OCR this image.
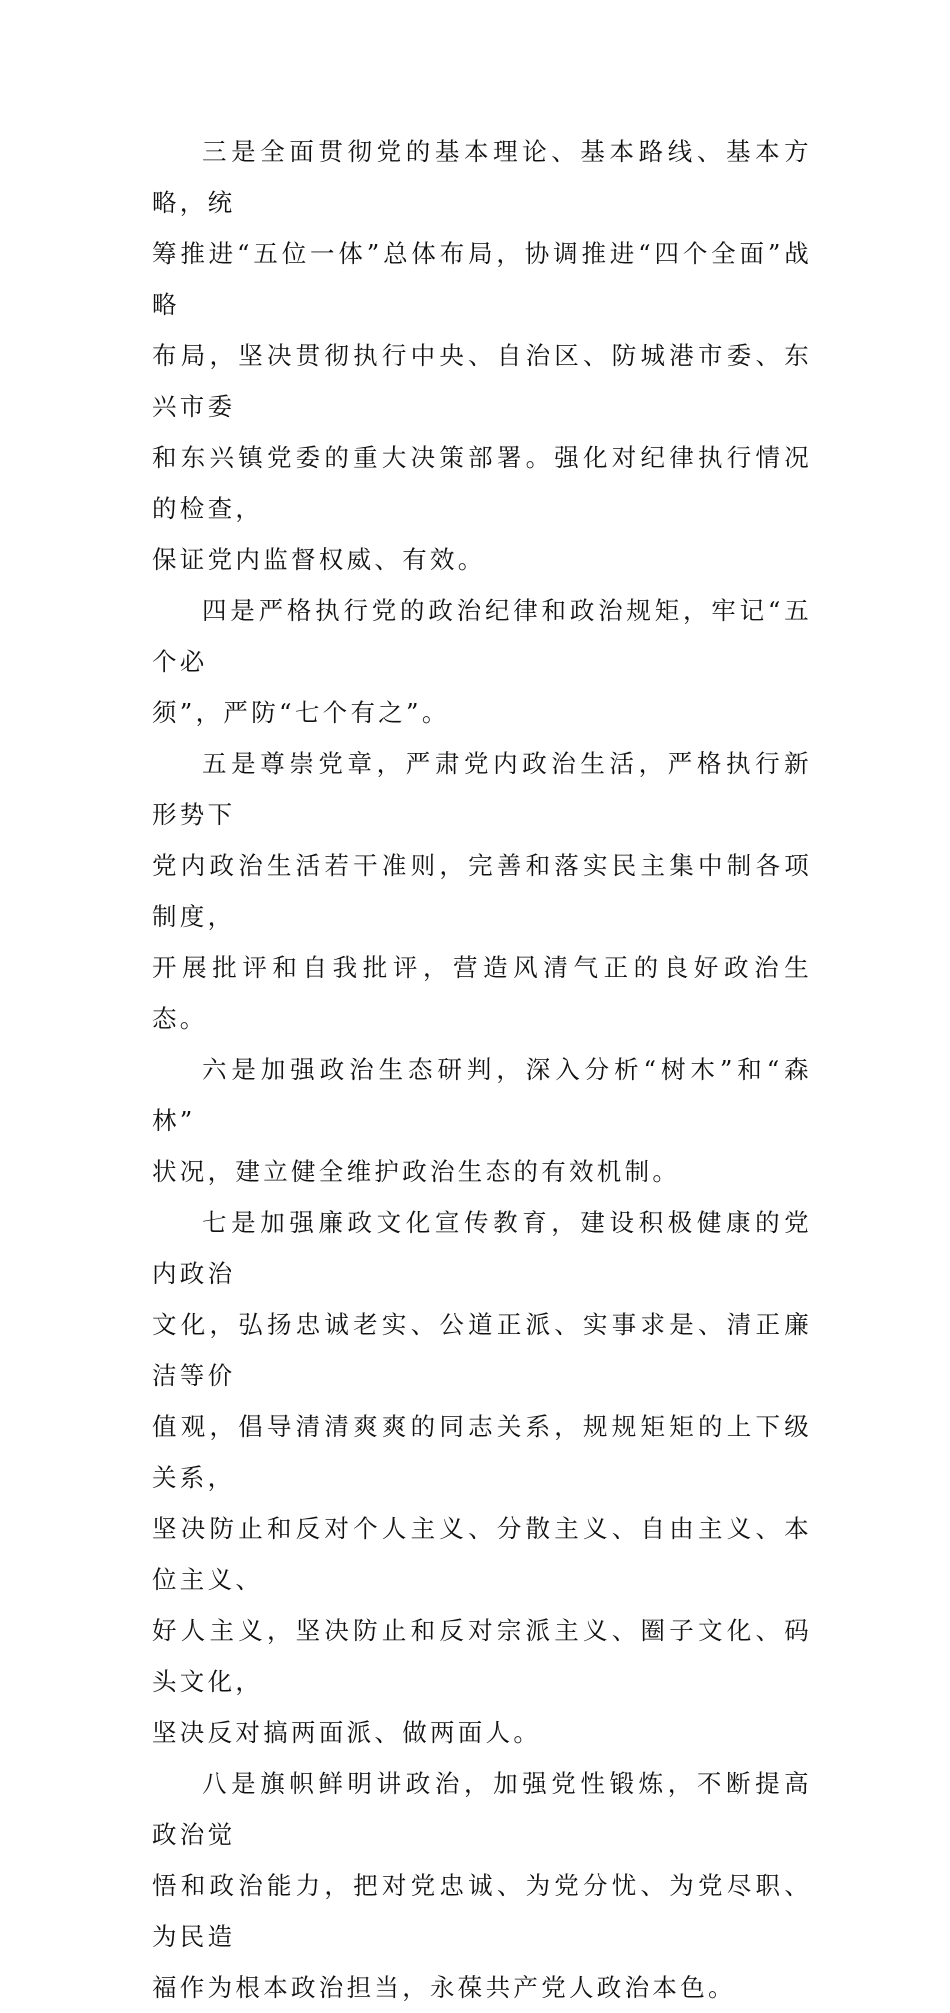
三是全面贯彻党的基本理论、基本路线、基本方略，统
筹推进“五位一体”总体布局，协调推进“四个全面”战略
布局，坚决贯彻执行中央、自治区、防城港市委、东兴市委
和东兴镇党委的重大决策部署。强化对纪律执行情况的检查，
保证党内监督权威、有效。

四是严格执行党的政治纪律和政治规矩，牢记“五个必
须”，严防“七个有之”。

五是尊崇党章，严肃党内政治生活，严格执行新形势下
党内政治生活若干准则，完善和落实民主集中制各项制度，
开展批评和自我批评，营造风清气正的良好政治生态。

六是加强政治生态研判，深入分析“树木”和“森林”
状况，建立健全维护政治生态的有效机制。

七是加强廉政文化宣传教育，建设积极健康的党内政治
文化，弘扬忠诚老实、公道正派、实事求是、清正廉洁等价
值观，倡导清清爽爽的同志关系，规规矩矩的上下级关系，
坚决防止和反对个人主义、分散主义、自由主义、本位主义、
好人主义，坚决防止和反对宗派主义、圈子文化、码头文化，
坚决反对搞两面派、做两面人。

八是旗帜鲜明讲政治，加强党性锻炼，不断提高政治觉
悟和政治能力，把对党忠诚、为党分忧、为党尽职、为民造
福作为根本政治担当，永葆共产党人政治本色。
